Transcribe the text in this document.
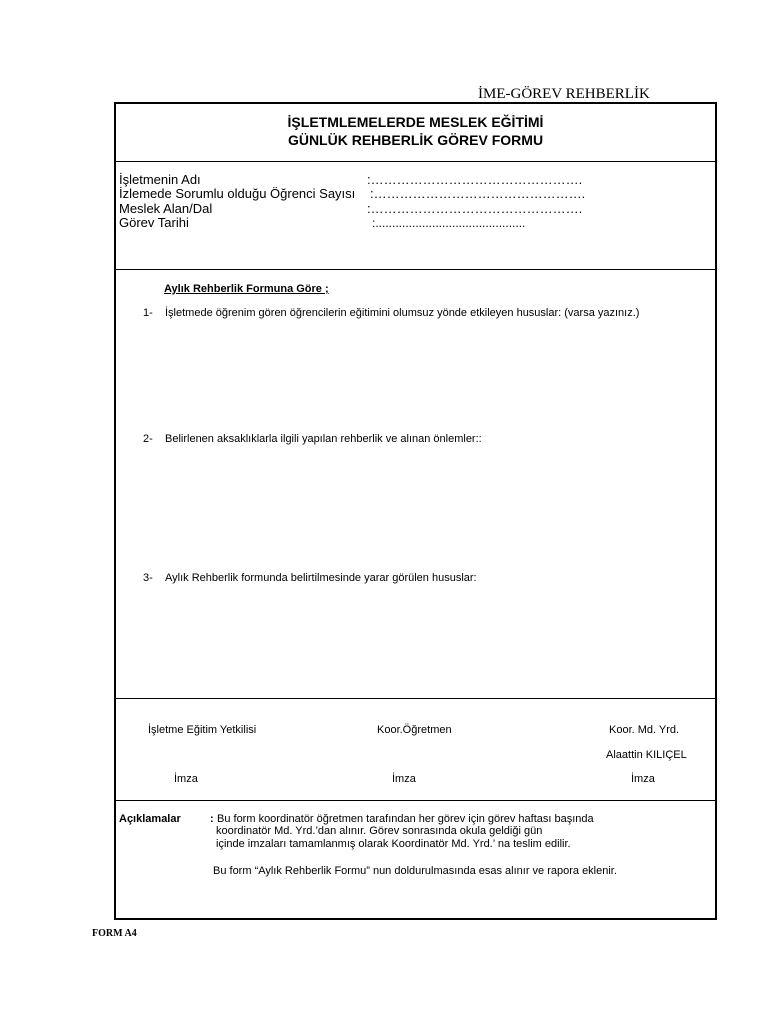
İME-GÖREV REHBERLİK
İŞLETMLEMELERDE MESLEK EĞİTİMİ
GÜNLÜK REHBERLİK GÖREV FORMU
İşletmenin Adı	:………………………………………….
İzlemede Sorumlu olduğu Öğrenci Sayısı :………………………………………….
Meslek Alan/Dal	:………………………………………….
Görev Tarihi	:.............................................
Aylık Rehberlik Formuna Göre ;
1- İşletmede öğrenim gören öğrencilerin eğitimini olumsuz yönde etkileyen hususlar: (varsa yazınız.)
2- Belirlenen aksaklıklarla ilgili yapılan rehberlik ve alınan önlemler::
3- Aylık Rehberlik formunda belirtilmesinde yarar görülen hususlar:
İşletme Eğitim Yetkilisi	Koor.Öğretmen	Koor. Md. Yrd.
Alaattin KILIÇEL
İmza	İmza	İmza
Açıklamalar	: Bu form koordinatör öğretmen tarafından her görev için görev haftası başında
koordinatör Md. Yrd.’dan alınır. Görev sonrasında okula geldiği gün
içinde imzaları tamamlanmış olarak Koordinatör Md. Yrd.’ na teslim edilir.
Bu form “Aylık Rehberlik Formu” nun doldurulmasında esas alınır ve rapora eklenir.
FORM A4
